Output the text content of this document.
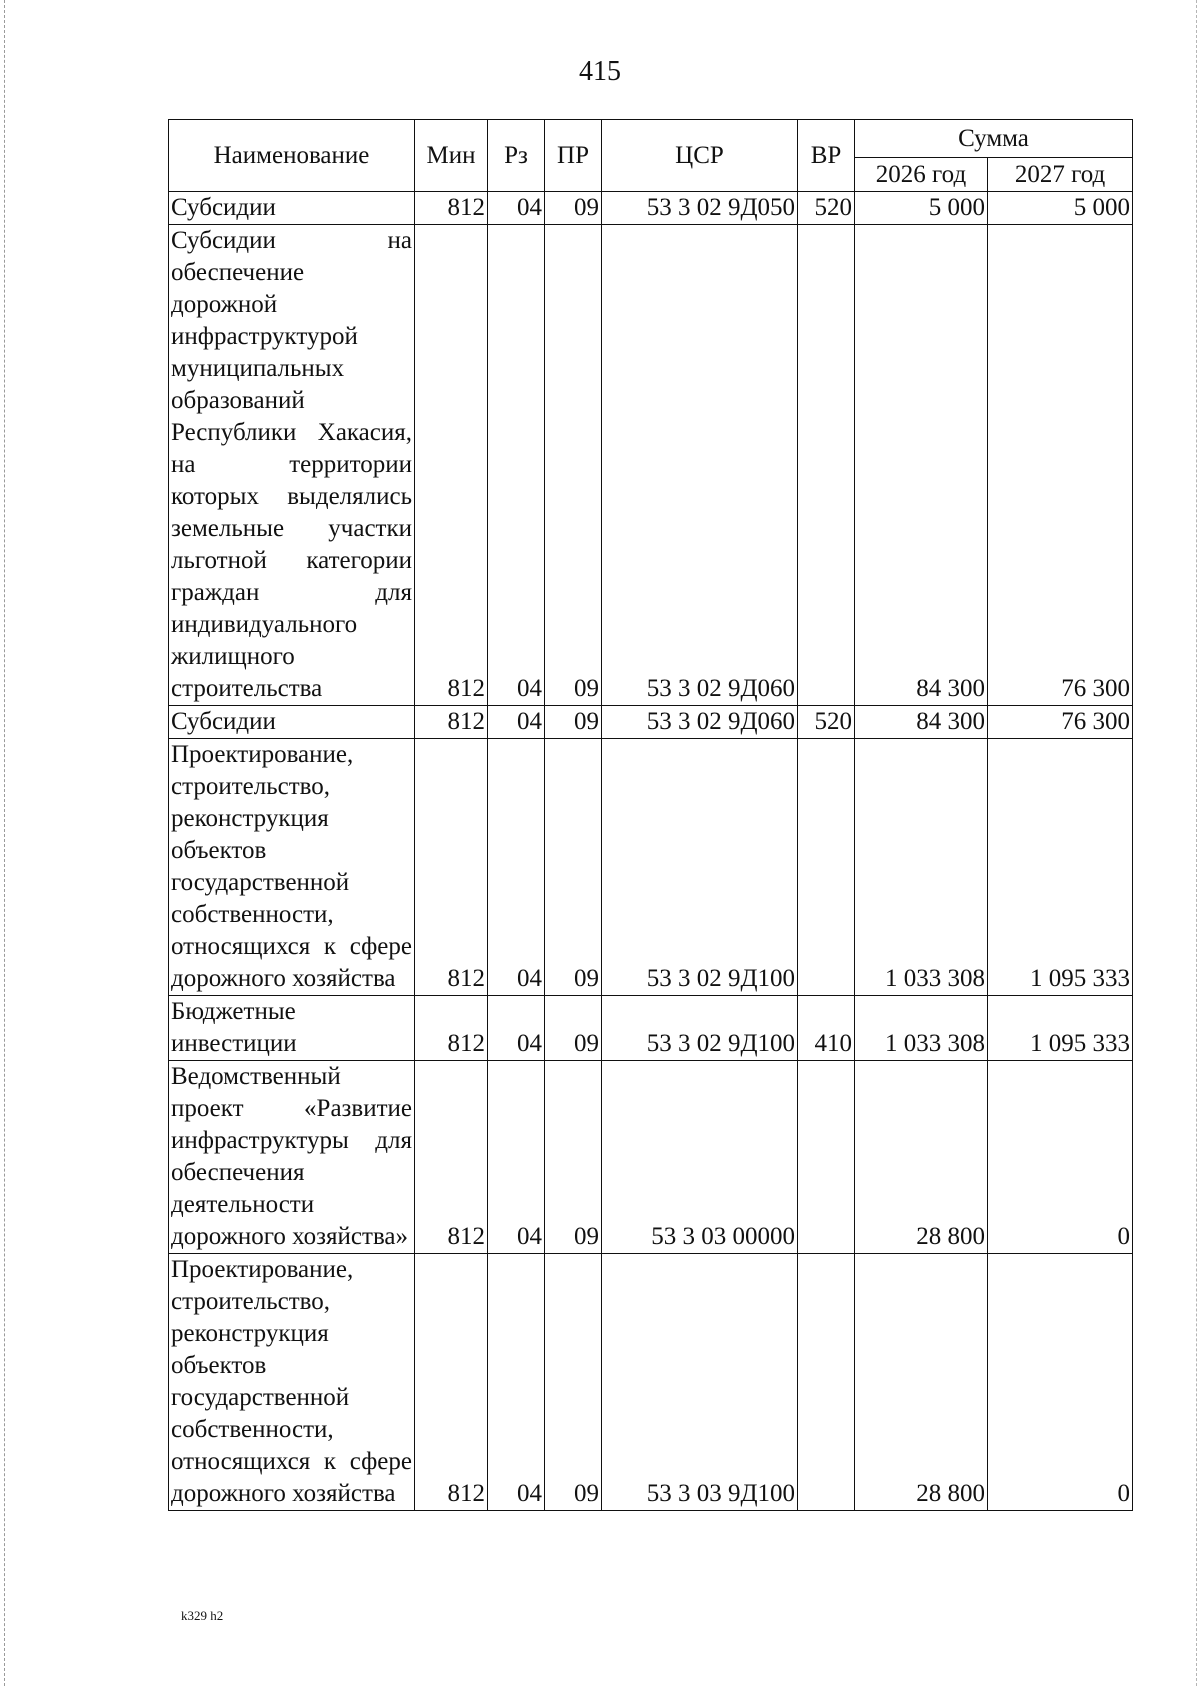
415
Наименование	Мин	Рз	ПР	ЦСР	ВР	Сумма	
						2026 год	2027 год
Субсидии	812	04	09	53 3 02 9Д050	520	5 000	5 000
Субсидии на обеспечение дорожной инфраструктурой муниципальных образований Республики Хакасия, на территории которых выделялись земельные участки льготной категории граждан для индивидуального жилищного строительства	812	04	09	53 3 02 9Д060		84 300	76 300
Субсидии	812	04	09	53 3 02 9Д060	520	84 300	76 300
Проектирование, строительство, реконструкция объектов государственной собственности, относящихся к сфере дорожного хозяйства	812	04	09	53 3 02 9Д100		1 033 308	1 095 333
Бюджетные инвестиции	812	04	09	53 3 02 9Д100	410	1 033 308	1 095 333
Ведомственный проект «Развитие инфраструктуры для обеспечения деятельности дорожного хозяйства»	812	04	09	53 3 03 00000		28 800	0
Проектирование, строительство, реконструкция объектов государственной собственности, относящихся к сфере дорожного хозяйства	812	04	09	53 3 03 9Д100		28 800	0
k329 h2
